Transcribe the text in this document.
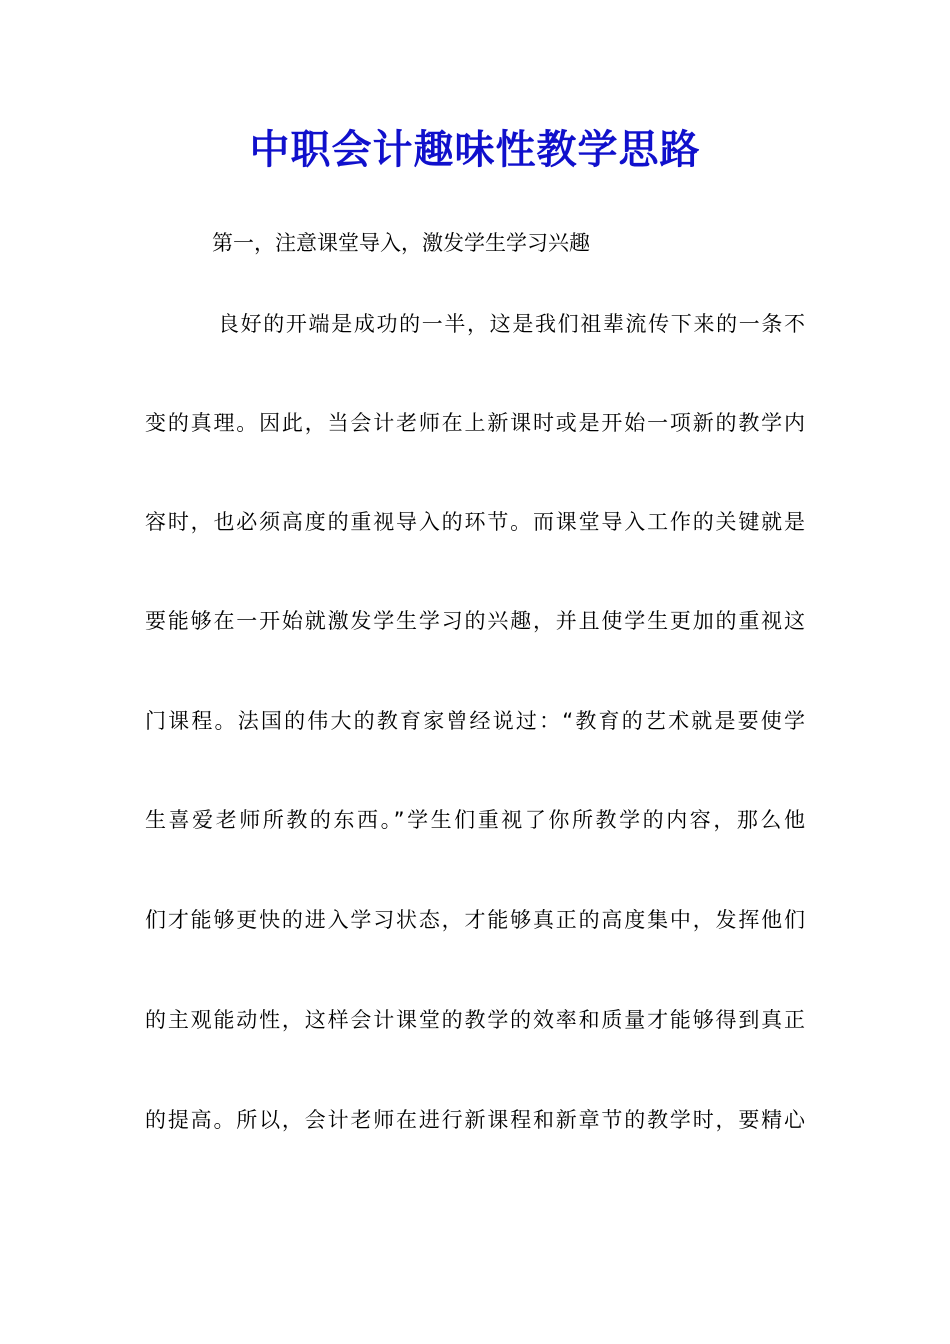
中职会计趣味性教学思路
第一，注意课堂导入，激发学生学习兴趣
良好的开端是成功的一半，这是我们祖辈流传下来的一条不
变的真理。因此，当会计老师在上新课时或是开始一项新的教学内
容时，也必须高度的重视导入的环节。而课堂导入工作的关键就是
要能够在一开始就激发学生学习的兴趣，并且使学生更加的重视这
门课程。法国的伟大的教育家曾经说过：“教育的艺术就是要使学
生喜爱老师所教的东西。”学生们重视了你所教学的内容，那么他
们才能够更快的进入学习状态，才能够真正的高度集中，发挥他们
的主观能动性，这样会计课堂的教学的效率和质量才能够得到真正
的提高。所以，会计老师在进行新课程和新章节的教学时，要精心
